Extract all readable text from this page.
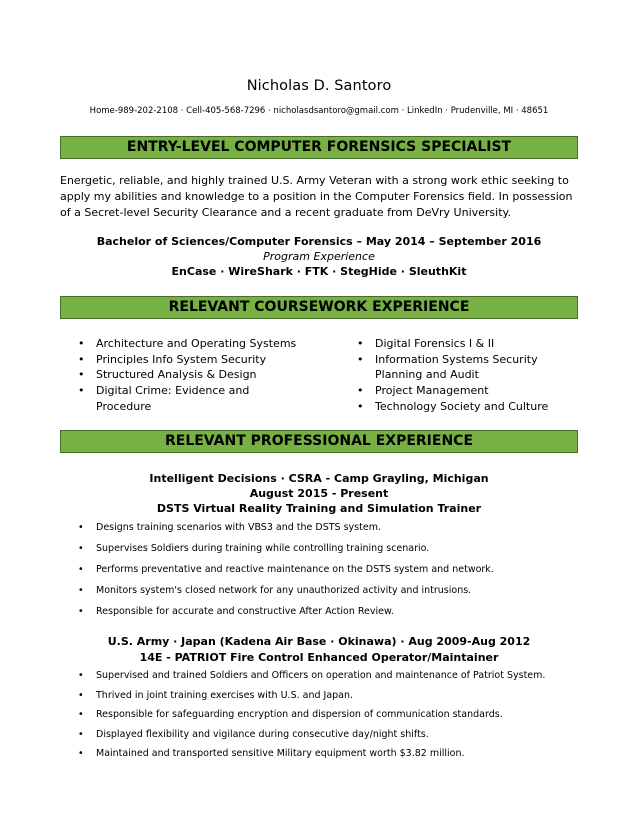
Nicholas D. Santoro
Home-989-202-2108 · Cell-405-568-7296 · nicholasdsantoro@gmail.com · LinkedIn · Prudenville, MI · 48651
ENTRY-LEVEL COMPUTER FORENSICS SPECIALIST
Energetic, reliable, and highly trained U.S. Army Veteran with a strong work ethic seeking to
apply my abilities and knowledge to a position in the Computer Forensics field. In possession
of a Secret-level Security Clearance and a recent graduate from DeVry University.
Bachelor of Sciences/Computer Forensics – May 2014 – September 2016
Program Experience
EnCase · WireShark · FTK · StegHide · SleuthKit
RELEVANT COURSEWORK EXPERIENCE
• Architecture and Operating Systems
• Principles Info System Security
• Structured Analysis & Design
• Digital Crime: Evidence and Procedure
• Digital Forensics I & II
• Information Systems Security Planning and Audit
• Project Management
• Technology Society and Culture
RELEVANT PROFESSIONAL EXPERIENCE
Intelligent Decisions · CSRA - Camp Grayling, Michigan
August 2015 - Present
DSTS Virtual Reality Training and Simulation Trainer
• Designs training scenarios with VBS3 and the DSTS system.
• Supervises Soldiers during training while controlling training scenario.
• Performs preventative and reactive maintenance on the DSTS system and network.
• Monitors system's closed network for any unauthorized activity and intrusions.
• Responsible for accurate and constructive After Action Review.
U.S. Army · Japan (Kadena Air Base · Okinawa) · Aug 2009-Aug 2012
14E - PATRIOT Fire Control Enhanced Operator/Maintainer
• Supervised and trained Soldiers and Officers on operation and maintenance of Patriot System.
• Thrived in joint training exercises with U.S. and Japan.
• Responsible for safeguarding encryption and dispersion of communication standards.
• Displayed flexibility and vigilance during consecutive day/night shifts.
• Maintained and transported sensitive Military equipment worth $3.82 million.
